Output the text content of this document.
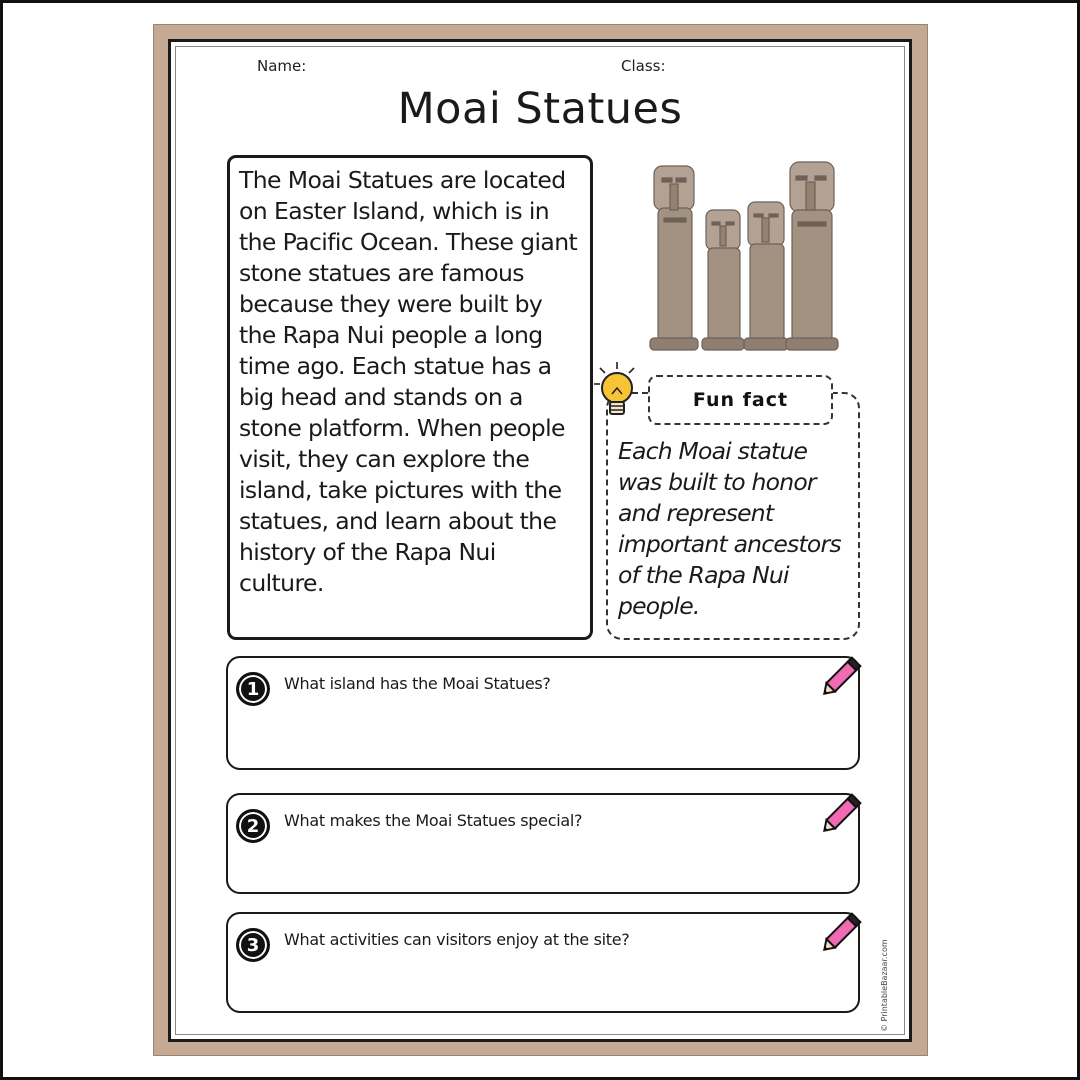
Name:	Class:
Moai Statues

The Moai Statues are located on Easter Island, which is in the Pacific Ocean. These giant stone statues are famous because they were built by the Rapa Nui people a long time ago. Each statue has a big head and stands on a stone platform. When people visit, they can explore the island, take pictures with the statues, and learn about the history of the Rapa Nui culture.

Fun fact

Each Moai statue was built to honor and represent important ancestors of the Rapa Nui people.

1	What island has the Moai Statues?
2	What makes the Moai Statues special?
3	What activities can visitors enjoy at the site?	© PrintableBazaar.com
